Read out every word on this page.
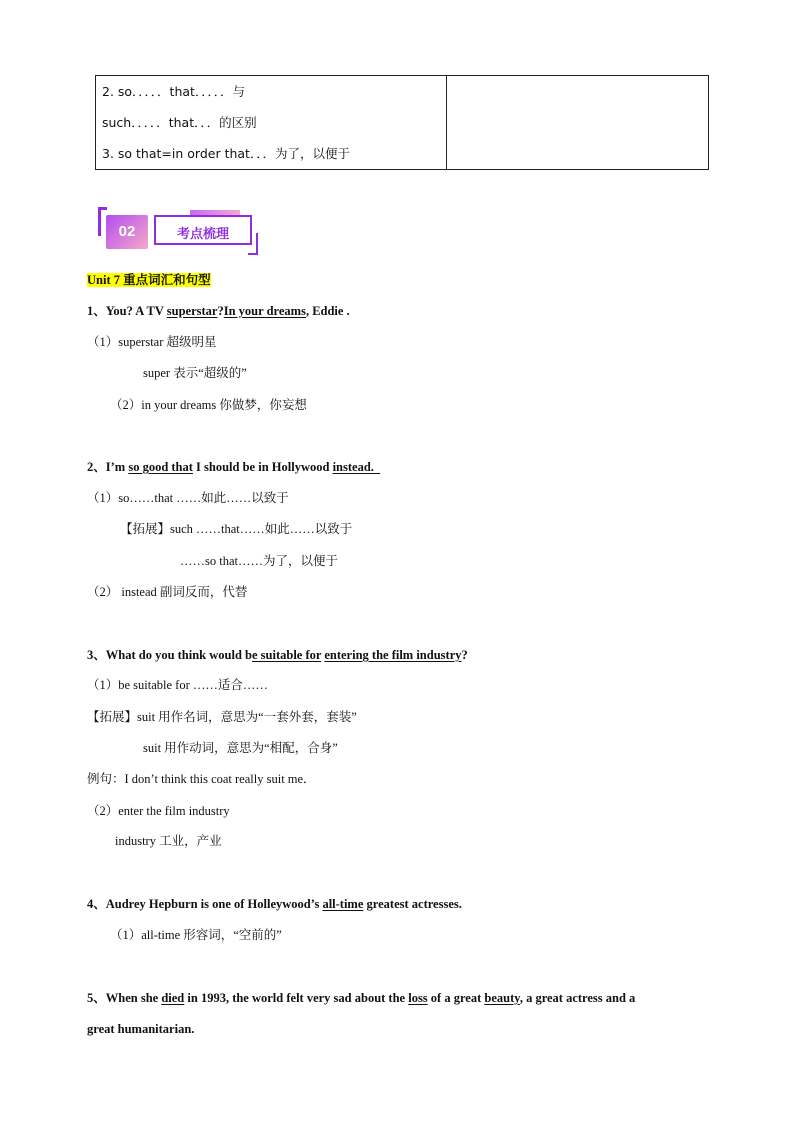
2. so．．．．．that．．．．．与
such．．．．．that．．．的区别
3. so that=in order that．．．为了，以便于
02	考点梳理
Unit 7 重点词汇和句型
1、You? A TV superstar?In your dreams, Eddie .
（1）superstar 超级明星
super 表示“超级的”
（2）in your dreams 你做梦，你妄想
2、I’m so good that I should be in Hollywood instead.
（1）so……that ……如此……以致于
【拓展】such ……that……如此……以致于
……so that……为了，以便于
（2） instead 副词反而，代替
3、What do you think would be suitable for entering the film industry?
（1）be suitable for ……适合……
【拓展】suit 用作名词，意思为“一套外套，套装”
suit 用作动词，意思为“相配，合身”
例句：I don’t think this coat really suit me．
（2）enter the film industry
industry 工业，产业
4、Audrey Hepburn is one of Holleywood’s all-time greatest actresses.
（1）all-time 形容词，“空前的”
5、When she died in 1993, the world felt very sad about the loss of a great beauty, a great actress and a
great humanitarian.
